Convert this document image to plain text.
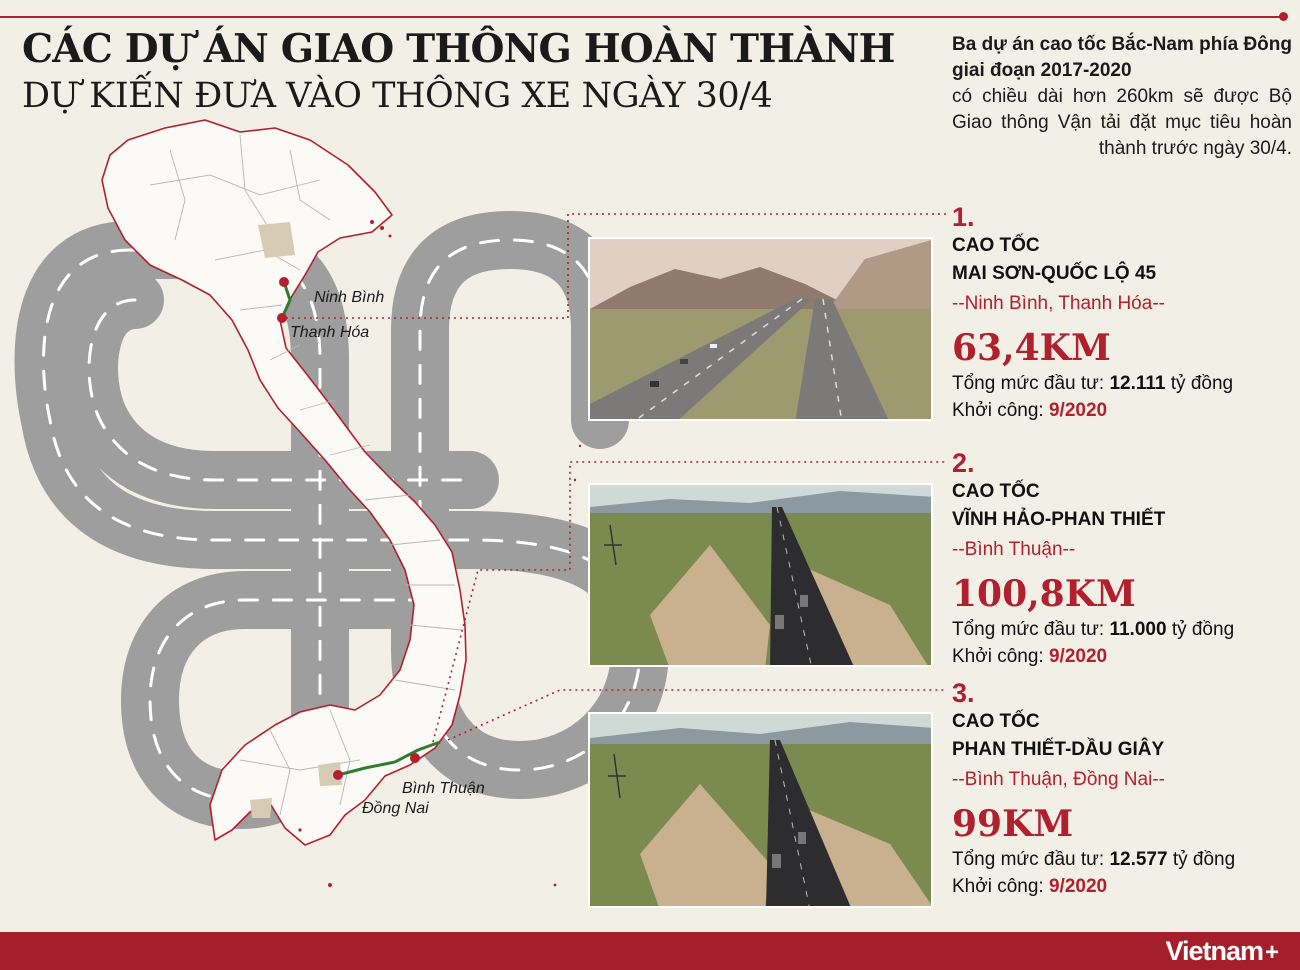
CÁC DỰ ÁN GIAO THÔNG HOÀN THÀNH
DỰ KIẾN ĐƯA VÀO THÔNG XE NGÀY 30/4
Ba dự án cao tốc Bắc-Nam phía Đông giai đoạn 2017-2020
có chiều dài hơn 260km sẽ được Bộ Giao thông Vận tải đặt mục tiêu hoàn thành trước ngày 30/4.
Ninh Bình
Thanh Hóa
Bình Thuận
Đồng Nai
1.
CAO TỐC
MAI SƠN-QUỐC LỘ 45
--Ninh Bình, Thanh Hóa--
63,4KM
Tổng mức đầu tư: 12.111 tỷ đồng
Khởi công: 9/2020
2.
CAO TỐC
VĨNH HẢO-PHAN THIẾT
--Bình Thuận--
100,8KM
Tổng mức đầu tư: 11.000 tỷ đồng
Khởi công: 9/2020
3.
CAO TỐC
PHAN THIẾT-DẦU GIÂY
--Bình Thuận, Đồng Nai--
99KM
Tổng mức đầu tư: 12.577 tỷ đồng
Khởi công: 9/2020
Vietnam+
